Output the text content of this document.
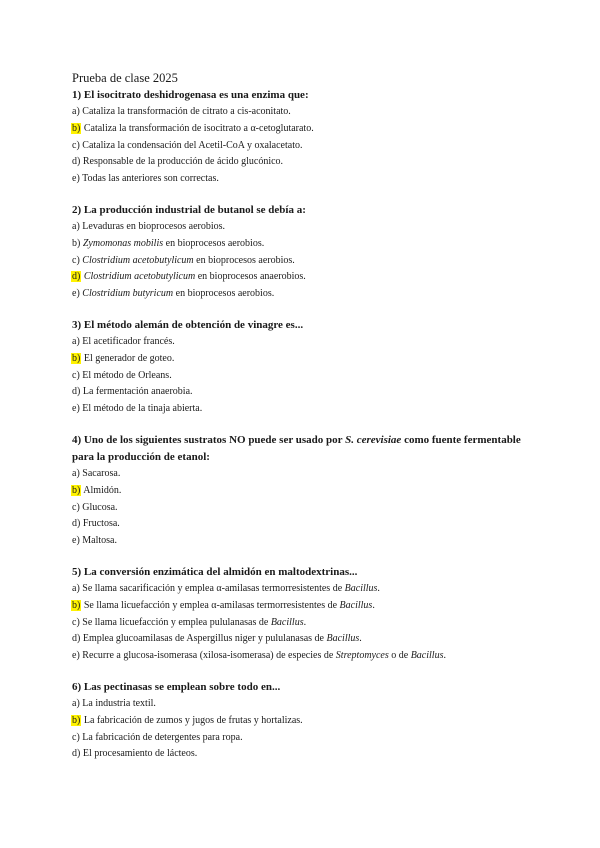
Prueba de clase 2025

1) El isocitrato deshidrogenasa es una enzima que:

a) Cataliza la transformación de citrato a cis-aconitato.

b) Cataliza la transformación de isocitrato a α-cetoglutarato.

c) Cataliza la condensación del Acetil-CoA y oxalacetato.

d) Responsable de la producción de ácido glucónico.

e) Todas las anteriores son correctas.

2) La producción industrial de butanol se debía a:

a) Levaduras en bioprocesos aerobios.

b) Zymomonas mobilis en bioprocesos aerobios.

c) Clostridium acetobutylicum en bioprocesos aerobios.

d) Clostridium acetobutylicum en bioprocesos anaerobios.

e) Clostridium butyricum en bioprocesos aerobios.

3) El método alemán de obtención de vinagre es...

a) El acetificador francés.

b) El generador de goteo.

c) El método de Orleans.

d) La fermentación anaerobia.

e) El método de la tinaja abierta.

4) Uno de los siguientes sustratos NO puede ser usado por S. cerevisiae como fuente fermentable
para la producción de etanol:

a) Sacarosa.

b) Almidón.

c) Glucosa.

d) Fructosa.

e) Maltosa.

5) La conversión enzimática del almidón en maltodextrinas...

a) Se llama sacarificación y emplea α-amilasas termorresistentes de Bacillus.

b) Se llama licuefacción y emplea α-amilasas termorresistentes de Bacillus.

c) Se llama licuefacción y emplea pululanasas de Bacillus.

d) Emplea glucoamilasas de Aspergillus niger y pululanasas de Bacillus.

e) Recurre a glucosa-isomerasa (xilosa-isomerasa) de especies de Streptomyces o de Bacillus.

6) Las pectinasas se emplean sobre todo en...

a) La industria textil.

b) La fabricación de zumos y jugos de frutas y hortalizas.

c) La fabricación de detergentes para ropa.

d) El procesamiento de lácteos.
